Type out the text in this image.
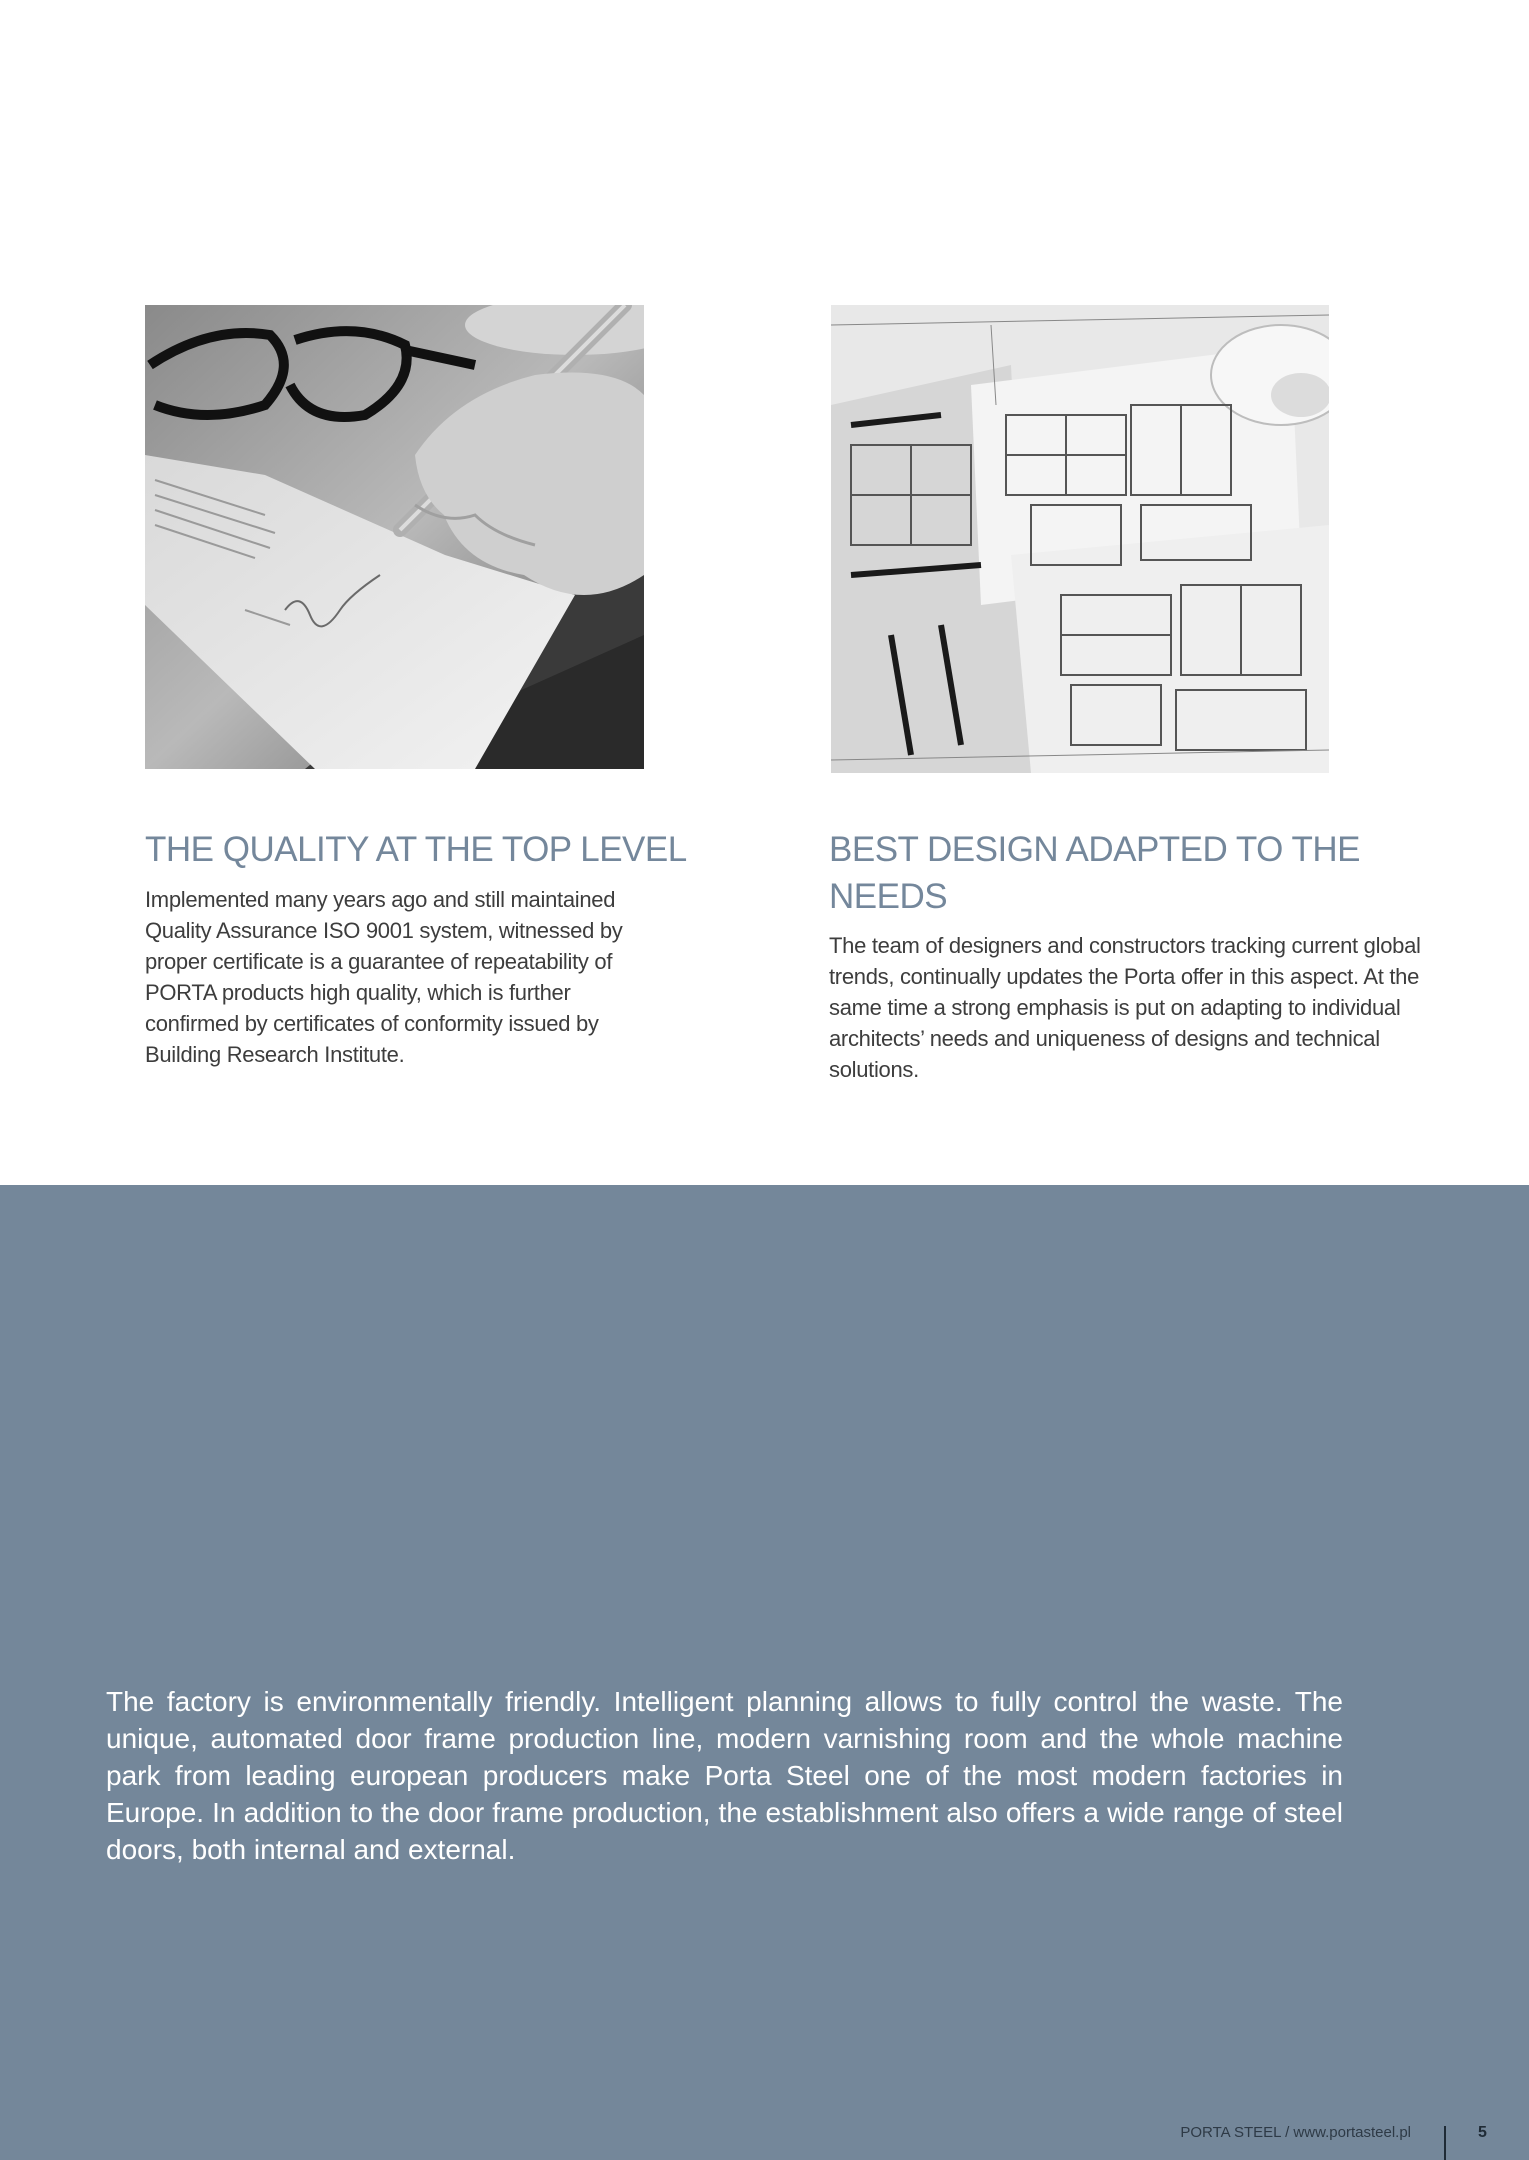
THE QUALITY AT THE TOP LEVEL

Implemented many years ago and still maintained Quality Assurance ISO 9001 system, witnessed by proper certificate is a guarantee of repeatability of PORTA products high quality, which is further confirmed by certificates of conformity issued by Building Research Institute.

BEST DESIGN ADAPTED TO THE NEEDS

The team of designers and constructors tracking current global trends, continually updates the Porta offer in this aspect. At the same time a strong emphasis is put on adapting to individual architects’ needs and uniqueness of designs and technical solutions.

The factory is environmentally friendly. Intelligent planning allows to fully control the waste. The unique, automated door frame production line, modern varnishing room and the whole machine park from leading european producers make Porta Steel one of the most modern factories in Europe. In addition to the door frame production, the establishment also offers a wide range of steel doors, both internal and external.

PORTA STEEL / www.portasteel.pl	5
